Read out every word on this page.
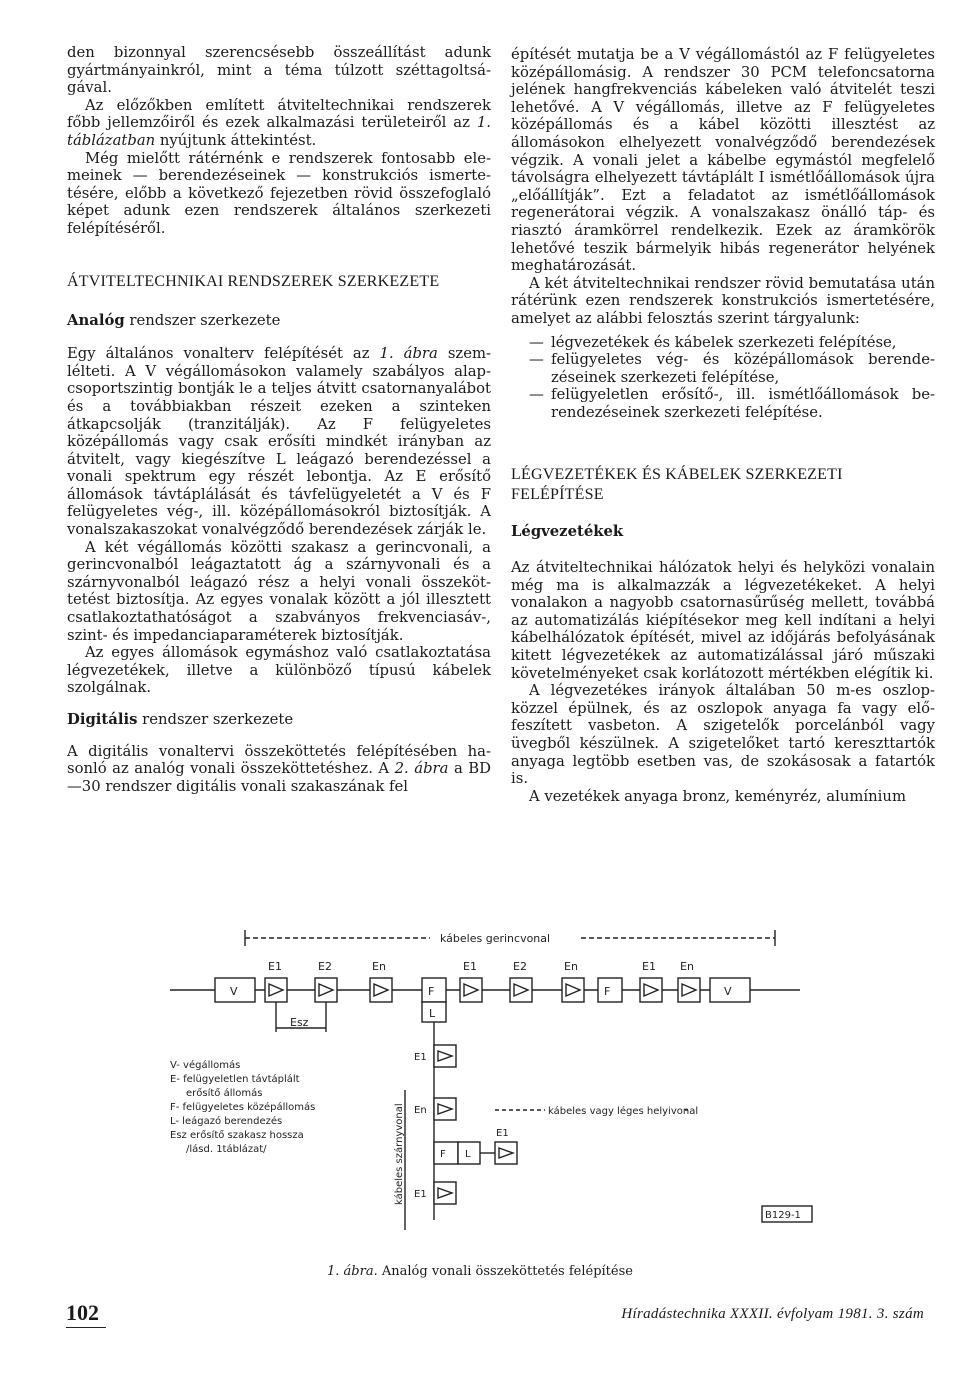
den bizonnyal szerencsésebb összeállítást adunk gyártmányainkról, mint a téma túlzott széttagoltságával.

Az előzőkben említett átviteltechnikai rendszerek főbb jellemzőiről és ezek alkalmazási területeiről az 1. táblázatban nyújtunk áttekintést.

Még mielőtt rátérnénk e rendszerek fontosabb elemeinek — berendezéseinek — konstrukciós ismertetésére, előbb a következő fejezetben rövid összefoglaló képet adunk ezen rendszerek általános szerkezeti felépítéséről.

ÁTVITELTECHNIKAI RENDSZEREK SZERKEZETE
Analóg rendszer szerkezete

Egy általános vonalterv felépítését az 1. ábra szemlélteti. A V végállomásokon valamely szabályos alapcsoportszintig bontják le a teljes átvitt csatornanyalábot és a továbbiakban részeit ezeken a szinteken átkapcsolják (tranzitálják). Az F felügyeletes középállomás vagy csak erősíti mindkét irányban az átvitelt, vagy kiegészítve L leágazó berendezéssel a vonali spektrum egy részét lebontja. Az E erősítő állomások távtáplálását és távfelügyeletét a V és F felügyeletes vég-, ill. középállomásokról biztosítják. A vonalszakaszokat vonalvégződő berendezések zárják le.

A két végállomás közötti szakasz a gerincvonali, a gerincvonalból leágaztatott ág a szárnyvonali és a szárnyvonalból leágazó rész a helyi vonali összeköttetést biztosítja. Az egyes vonalak között a jól illesztett csatlakoztathatóságot a szabványos frekvenciasáv-, szint- és impedanciaparaméterek biztosítják.

Az egyes állomások egymáshoz való csatlakoztatása légvezetékek, illetve a különböző típusú kábelek szolgálnak.

Digitális rendszer szerkezete

A digitális vonaltervi összeköttetés felépítésében hasonló az analóg vonali összeköttetéshez. A 2. ábra a BD—30 rendszer digitális vonali szakaszának fel

építését mutatja be a V végállomástól az F felügyeletes középállomásig. A rendszer 30 PCM telefoncsatorna jelének hangfrekvenciás kábeleken való átvitelét teszi lehetővé. A V végállomás, illetve az F felügyeletes középállomás és a kábel közötti illesztést az állomásokon elhelyezett vonalvégződő berendezések végzik. A vonali jelet a kábelbe egymástól megfelelő távolságra elhelyezett távtáplált I ismétlőállomások újra „előállítják”. Ezt a feladatot az ismétlőállomások regenerátorai végzik. A vonalszakasz önálló táp- és riasztó áramkörrel rendelkezik. Ezek az áramkörök lehetővé teszik bármelyik hibás regenerátor helyének meghatározását.

A két átviteltechnikai rendszer rövid bemutatása után rátérünk ezen rendszerek konstrukciós ismertetésére, amelyet az alábbi felosztás szerint tárgyalunk:

— légvezetékek és kábelek szerkezeti felépítése,
— felügyeletes vég- és középállomások berendezéseinek szerkezeti felépítése,
— felügyeletlen erősítő-, ill. ismétlőállomások berendezéseinek szerkezeti felépítése.
LÉGVEZETÉKEK ÉS KÁBELEK SZERKEZETI FELÉPÍTÉSE
Légvezetékek

Az átviteltechnikai hálózatok helyi és helyközi vonalain még ma is alkalmazzák a légvezetékeket. A helyi vonalakon a nagyobb csatornasűrűség mellett, továbbá az automatizálás kiépítésekor meg kell indítani a helyi kábelhálózatok építését, mivel az időjárás befolyásának kitett légvezetékek az automatizálással járó műszaki követelményeket csak korlátozott mértékben elégítik ki.

A légvezetékes irányok általában 50 m-es oszlopközzel épülnek, és az oszlopok anyaga fa vagy előfeszített vasbeton. A szigetelők porcelánból vagy üvegből készülnek. A szigetelőket tartó kereszttartók anyaga legtöbb esetben vas, de szokásosak a fatartók is.

A vezetékek anyaga bronz, keményréz, alumínium

kábeles gerincvonal
V	V
F
L
F
E1	E2	En	E1	E2	En	E1 En
Esz
E1
En
F L
E1
E1
kábeles szárnyvonal	kábeles vagy léges helyivonal
V- végállomás
E- felügyeletlen távtáplált
erősítő állomás
F- felügyeletes középállomás
L- leágazó berendezés
Esz erősítő szakasz hossza
/lásd. 1táblázat/
B129-1
1. ábra. Analóg vonali összeköttetés felépítése
102	Híradástechnika XXXII. évfolyam 1981. 3. szám
